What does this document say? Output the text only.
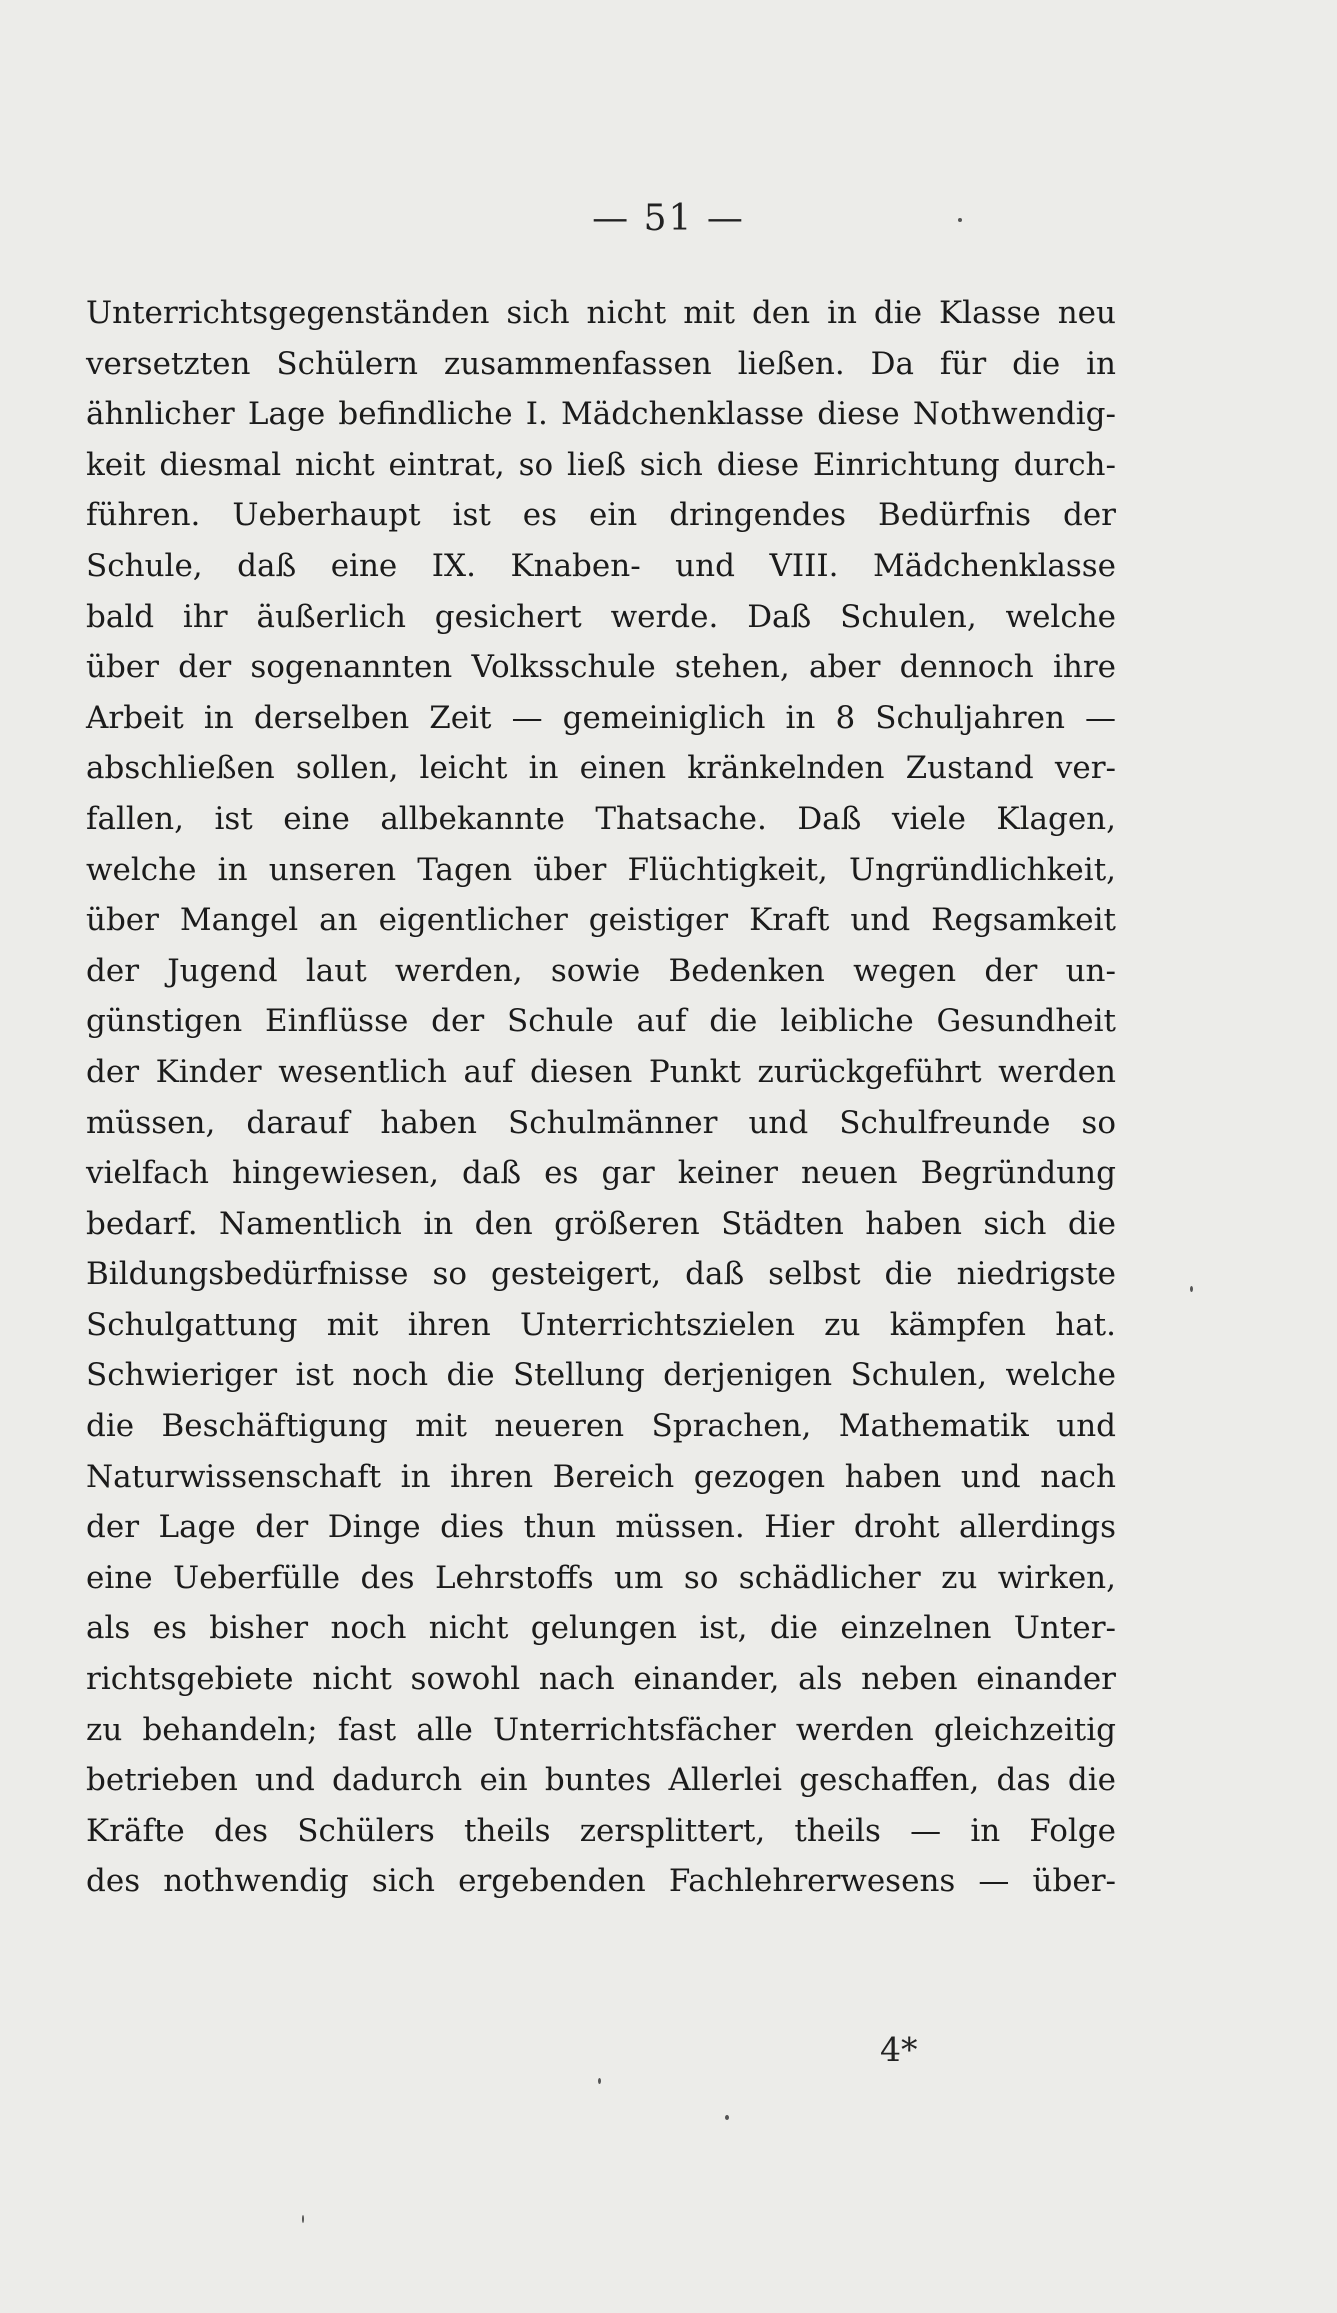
— 51 —
Unterrichtsgegenständen sich nicht mit den in die Klasse neu
versetzten Schülern zusammenfassen ließen. Da für die in
ähnlicher Lage befindliche I. Mädchenklasse diese Nothwendig-
keit diesmal nicht eintrat, so ließ sich diese Einrichtung durch-
führen. Ueberhaupt ist es ein dringendes Bedürfnis der
Schule, daß eine IX. Knaben- und VIII. Mädchenklasse
bald ihr äußerlich gesichert werde. Daß Schulen, welche
über der sogenannten Volksschule stehen, aber dennoch ihre
Arbeit in derselben Zeit — gemeiniglich in 8 Schuljahren —
abschließen sollen, leicht in einen kränkelnden Zustand ver-
fallen, ist eine allbekannte Thatsache. Daß viele Klagen,
welche in unseren Tagen über Flüchtigkeit, Ungründlichkeit,
über Mangel an eigentlicher geistiger Kraft und Regsamkeit
der Jugend laut werden, sowie Bedenken wegen der un-
günstigen Einflüsse der Schule auf die leibliche Gesundheit
der Kinder wesentlich auf diesen Punkt zurückgeführt werden
müssen, darauf haben Schulmänner und Schulfreunde so
vielfach hingewiesen, daß es gar keiner neuen Begründung
bedarf. Namentlich in den größeren Städten haben sich die
Bildungsbedürfnisse so gesteigert, daß selbst die niedrigste
Schulgattung mit ihren Unterrichtszielen zu kämpfen hat.
Schwieriger ist noch die Stellung derjenigen Schulen, welche
die Beschäftigung mit neueren Sprachen, Mathematik und
Naturwissenschaft in ihren Bereich gezogen haben und nach
der Lage der Dinge dies thun müssen. Hier droht allerdings
eine Ueberfülle des Lehrstoffs um so schädlicher zu wirken,
als es bisher noch nicht gelungen ist, die einzelnen Unter-
richtsgebiete nicht sowohl nach einander, als neben einander
zu behandeln; fast alle Unterrichtsfächer werden gleichzeitig
betrieben und dadurch ein buntes Allerlei geschaffen, das die
Kräfte des Schülers theils zersplittert, theils — in Folge
des nothwendig sich ergebenden Fachlehrerwesens — über-
4*
